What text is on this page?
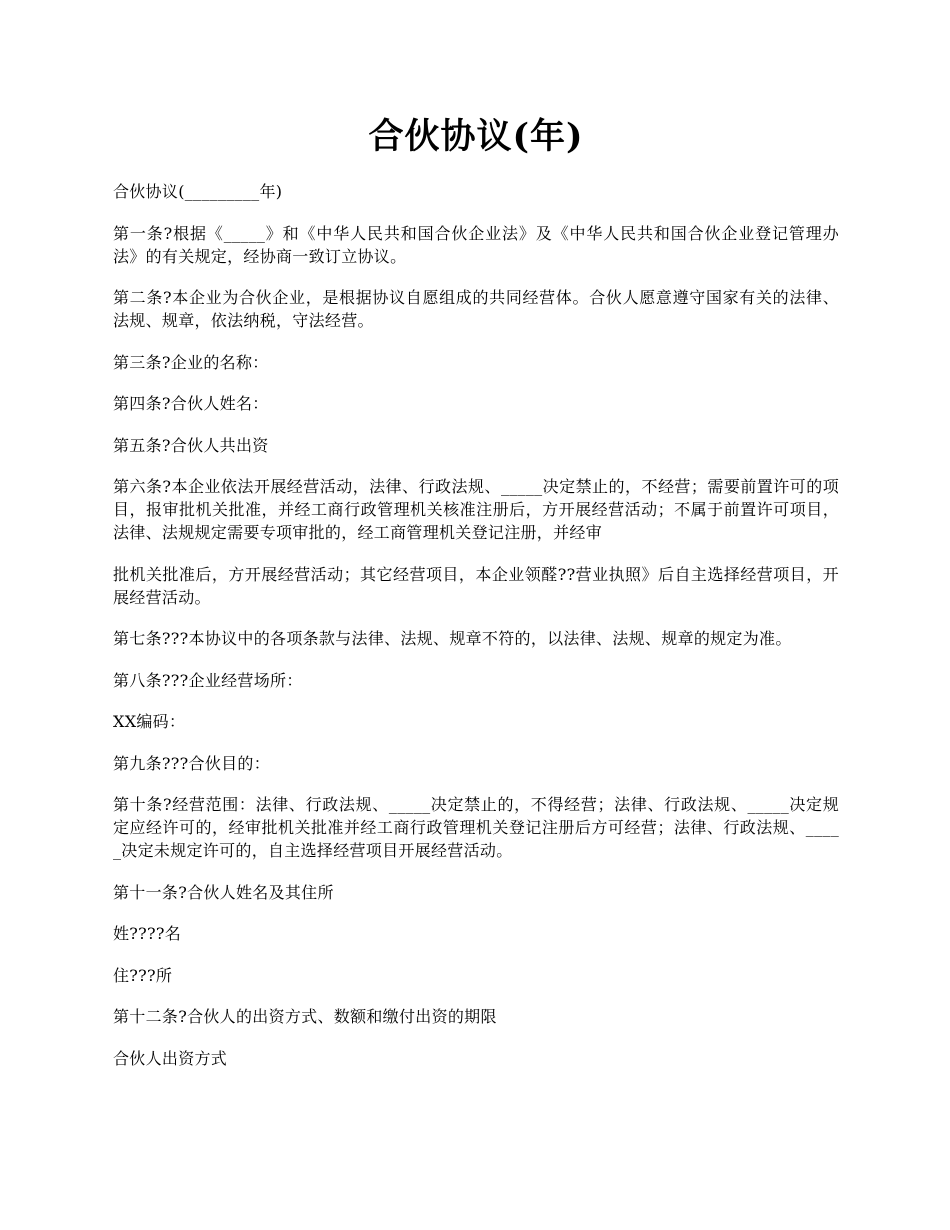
合伙协议(年)

合伙协议(_________年)

第一条?根据《_____》和《中华人民共和国合伙企业法》及《中华人民共和国合伙企业登记管理办法》的有关规定，经协商一致订立协议。

第二条?本企业为合伙企业，是根据协议自愿组成的共同经营体。合伙人愿意遵守国家有关的法律、法规、规章，依法纳税，守法经营。

第三条?企业的名称：

第四条?合伙人姓名：

第五条?合伙人共出资

第六条?本企业依法开展经营活动，法律、行政法规、_____决定禁止的，不经营；需要前置许可的项目，报审批机关批准，并经工商行政管理机关核准注册后，方开展经营活动；不属于前置许可项目，法律、法规规定需要专项审批的，经工商管理机关登记注册，并经审

批机关批准后，方开展经营活动；其它经营项目，本企业领醛??营业执照》后自主选择经营项目，开展经营活动。

第七条???本协议中的各项条款与法律、法规、规章不符的，以法律、法规、规章的规定为准。

第八条???企业经营场所：

XX编码：

第九条???合伙目的：

第十条?经营范围：法律、行政法规、_____决定禁止的，不得经营；法律、行政法规、_____决定规定应经许可的，经审批机关批准并经工商行政管理机关登记注册后方可经营；法律、行政法规、_____决定未规定许可的，自主选择经营项目开展经营活动。

第十一条?合伙人姓名及其住所

姓????名

住???所

第十二条?合伙人的出资方式、数额和缴付出资的期限

合伙人出资方式
